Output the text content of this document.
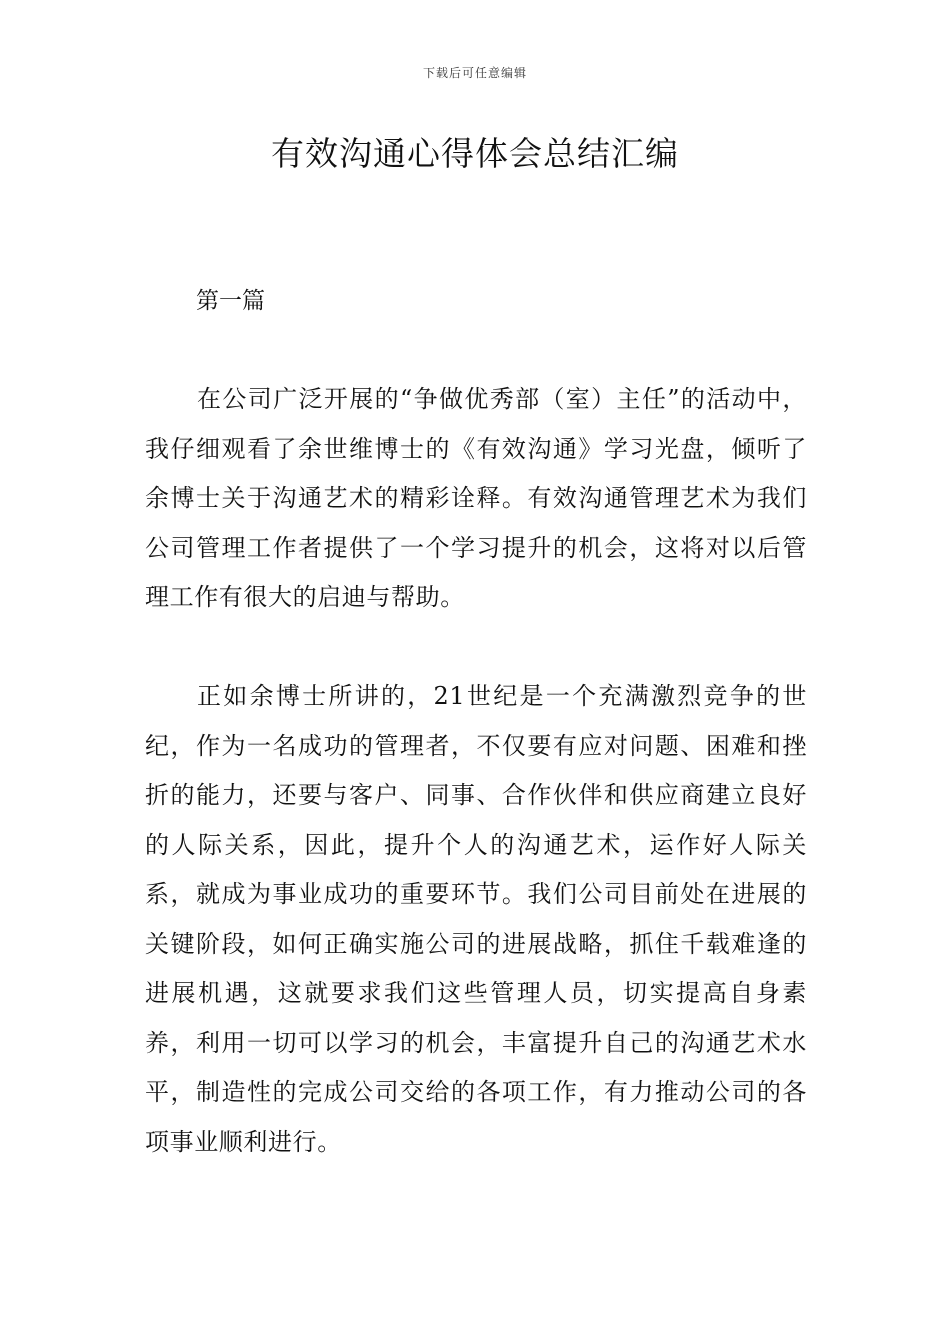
下载后可任意编辑
有效沟通心得体会总结汇编
第一篇

在公司广泛开展的“争做优秀部（室）主任”的活动中，我仔细观看了余世维博士的《有效沟通》学习光盘，倾听了余博士关于沟通艺术的精彩诠释。有效沟通管理艺术为我们公司管理工作者提供了一个学习提升的机会，这将对以后管理工作有很大的启迪与帮助。

正如余博士所讲的，21世纪是一个充满激烈竞争的世纪，作为一名成功的管理者，不仅要有应对问题、困难和挫折的能力，还要与客户、同事、合作伙伴和供应商建立良好的人际关系，因此，提升个人的沟通艺术，运作好人际关系，就成为事业成功的重要环节。我们公司目前处在进展的关键阶段，如何正确实施公司的进展战略，抓住千载难逢的进展机遇，这就要求我们这些管理人员，切实提高自身素养，利用一切可以学习的机会，丰富提升自己的沟通艺术水平，制造性的完成公司交给的各项工作，有力推动公司的各项事业顺利进行。
